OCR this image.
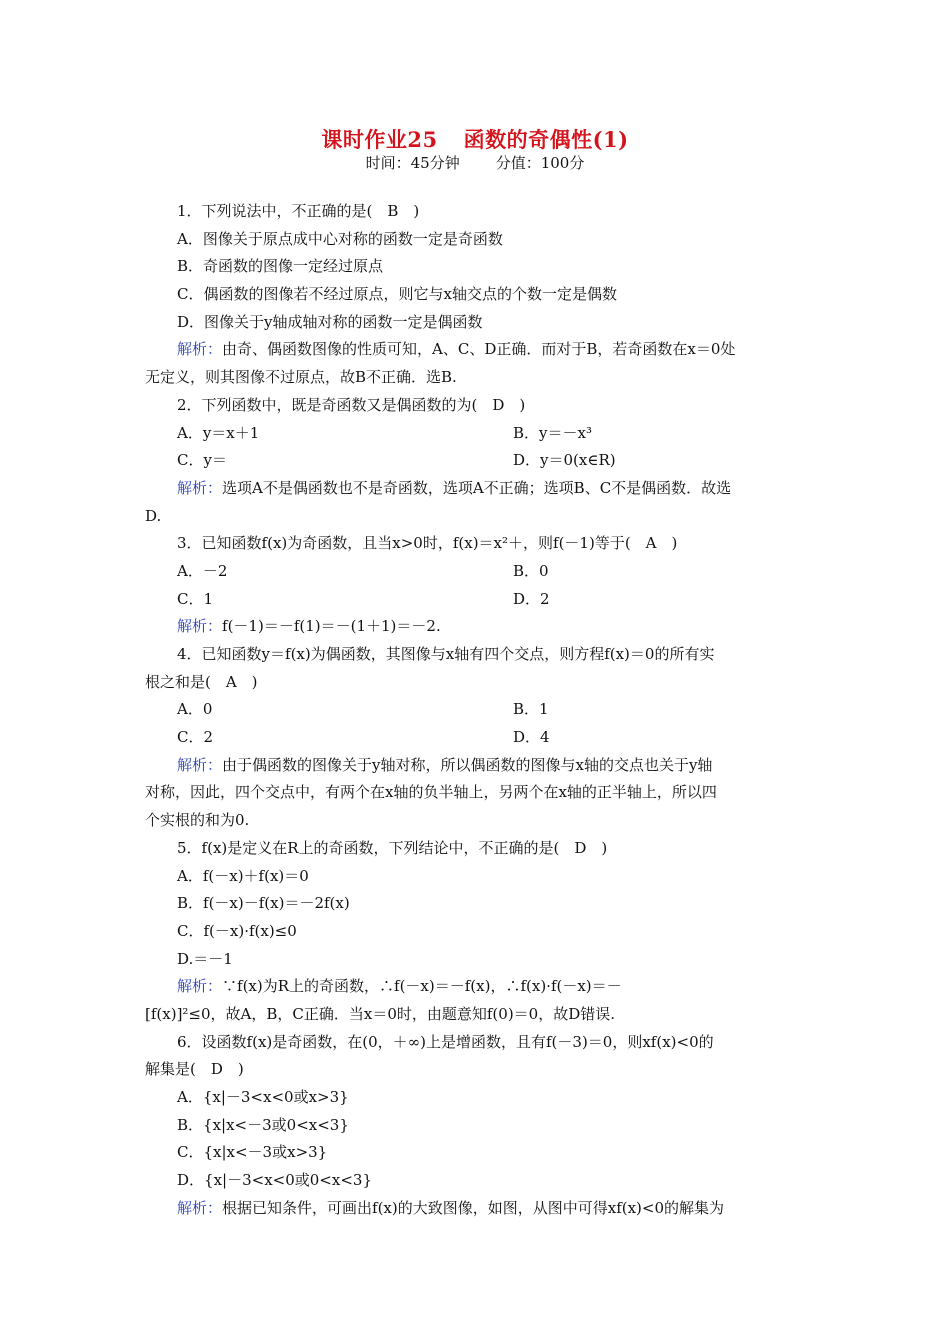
课时作业25 函数的奇偶性(1)
时间：45分钟 分值：100分
1．下列说法中，不正确的是(　B　)
A．图像关于原点成中心对称的函数一定是奇函数
B．奇函数的图像一定经过原点
C．偶函数的图像若不经过原点，则它与x轴交点的个数一定是偶数
D．图像关于y轴成轴对称的函数一定是偶函数
解析：由奇、偶函数图像的性质可知，A、C、D正确．而对于B，若奇函数在x＝0处
无定义，则其图像不过原点，故B不正确．选B.
2．下列函数中，既是奇函数又是偶函数的为(　D　)
A．y＝x＋1	B．y＝－x³
C．y＝	D．y＝0(x∈R)
解析：选项A不是偶函数也不是奇函数，选项A不正确；选项B、C不是偶函数．故选
D.
3．已知函数f(x)为奇函数，且当x>0时，f(x)＝x²＋，则f(－1)等于(　A　)
A．－2	B．0
C．1	D．2
解析：f(－1)＝－f(1)＝－(1＋1)＝－2.
4．已知函数y＝f(x)为偶函数，其图像与x轴有四个交点，则方程f(x)＝0的所有实
根之和是(　A　)
A．0	B．1
C．2	D．4
解析：由于偶函数的图像关于y轴对称，所以偶函数的图像与x轴的交点也关于y轴
对称，因此，四个交点中，有两个在x轴的负半轴上，另两个在x轴的正半轴上，所以四
个实根的和为0.
5．f(x)是定义在R上的奇函数，下列结论中，不正确的是(　D　)
A．f(－x)＋f(x)＝0
B．f(－x)－f(x)＝－2f(x)
C．f(－x)·f(x)≤0
D.＝－1
解析：∵f(x)为R上的奇函数，∴f(－x)＝－f(x)，∴f(x)·f(－x)＝－
[f(x)]²≤0，故A，B，C正确．当x＝0时，由题意知f(0)＝0，故D错误.
6．设函数f(x)是奇函数，在(0，＋∞)上是增函数，且有f(－3)＝0，则xf(x)<0的
解集是(　D　)
A．{x|－3<x<0或x>3}
B．{x|x<－3或0<x<3}
C．{x|x<－3或x>3}
D．{x|－3<x<0或0<x<3}
解析：根据已知条件，可画出f(x)的大致图像，如图，从图中可得xf(x)<0的解集为
